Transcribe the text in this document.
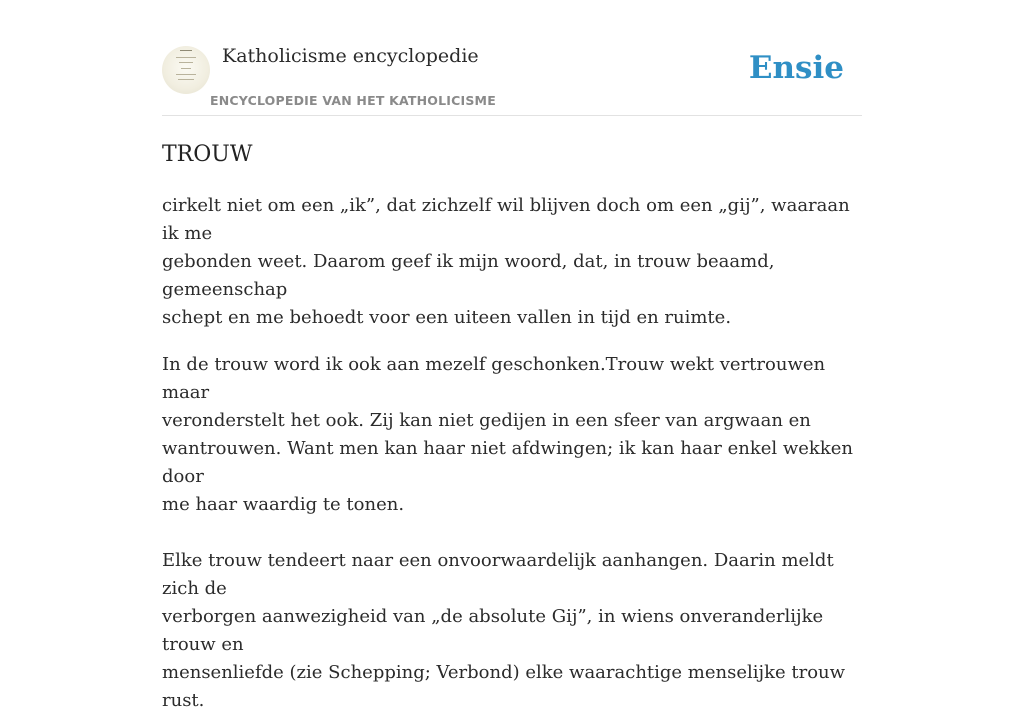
Katholicisme encyclopedie
ENCYCLOPEDIE VAN HET KATHOLICISME
Ensie
TROUW

cirkelt niet om een „ik”, dat zichzelf wil blijven doch om een „gij”, waaraan ik me
gebonden weet. Daarom geef ik mijn woord, dat, in trouw beaamd, gemeenschap
schept en me behoedt voor een uiteen vallen in tijd en ruimte.

In de trouw word ik ook aan mezelf geschonken.Trouw wekt vertrouwen maar
veronderstelt het ook. Zij kan niet gedijen in een sfeer van argwaan en
wantrouwen. Want men kan haar niet afdwingen; ik kan haar enkel wekken door
me haar waardig te tonen.

Elke trouw tendeert naar een onvoorwaardelijk aanhangen. Daarin meldt zich de
verborgen aanwezigheid van „de absolute Gij”, in wiens onveranderlijke trouw en
mensenliefde (zie Schepping; Verbond) elke waarachtige menselijke trouw rust.
